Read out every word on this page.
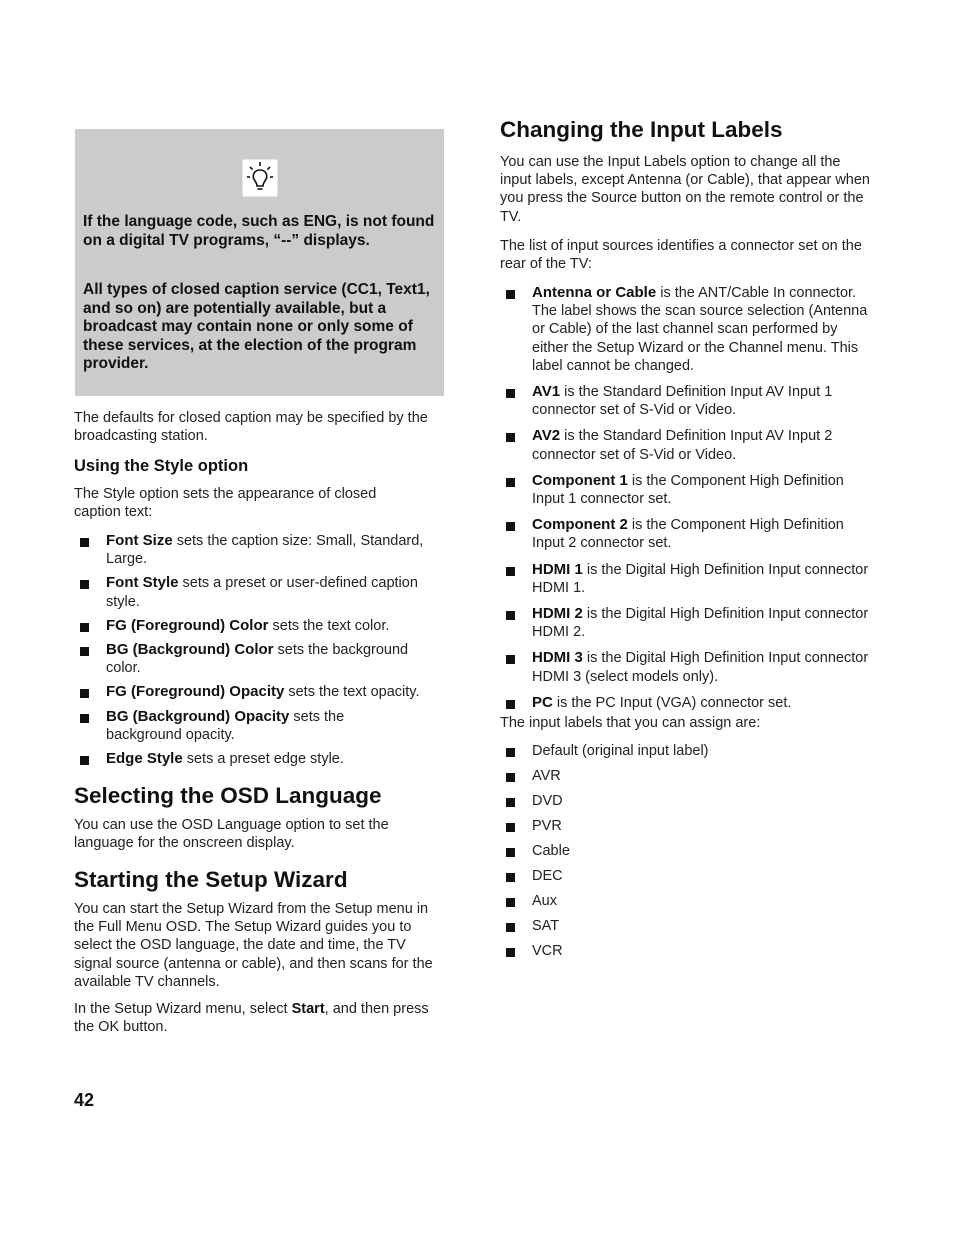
If the language code, such as ENG, is not found on a digital TV programs, “--” displays.

All types of closed caption service (CC1, Text1, and so on) are potentially available, but a broadcast may contain none or only some of these services, at the election of the program provider.

The defaults for closed caption may be specified by the broadcasting station.

Using the Style option

The Style option sets the appearance of closed caption text:

Font Size sets the caption size: Small, Standard, Large.
Font Style sets a preset or user-defined caption style.
FG (Foreground) Color sets the text color.
BG (Background) Color sets the background color.
FG (Foreground) Opacity sets the text opacity.
BG (Background) Opacity sets the background opacity.
Edge Style sets a preset edge style.
Selecting the OSD Language

You can use the OSD Language option to set the language for the onscreen display.

Starting the Setup Wizard

You can start the Setup Wizard from the Setup menu in the Full Menu OSD. The Setup Wizard guides you to select the OSD language, the date and time, the TV signal source (antenna or cable), and then scans for the available TV channels.

In the Setup Wizard menu, select Start, and then press the OK button.

Changing the Input Labels

You can use the Input Labels option to change all the input labels, except Antenna (or Cable), that appear when you press the Source button on the remote control or the TV.

The list of input sources identifies a connector set on the rear of the TV:

Antenna or Cable is the ANT/Cable In connector. The label shows the scan source selection (Antenna or Cable) of the last channel scan performed by either the Setup Wizard or the Channel menu. This label cannot be changed.
AV1 is the Standard Definition Input AV Input 1 connector set of S-Vid or Video.
AV2 is the Standard Definition Input AV Input 2 connector set of S-Vid or Video.
Component 1 is the Component High Definition Input 1 connector set.
Component 2 is the Component High Definition Input 2 connector set.
HDMI 1 is the Digital High Definition Input connector HDMI 1.
HDMI 2 is the Digital High Definition Input connector HDMI 2.
HDMI 3 is the Digital High Definition Input connector HDMI 3 (select models only).
PC is the PC Input (VGA) connector set.

The input labels that you can assign are:

Default (original input label)
AVR
DVD
PVR
Cable
DEC
Aux
SAT
VCR
42
